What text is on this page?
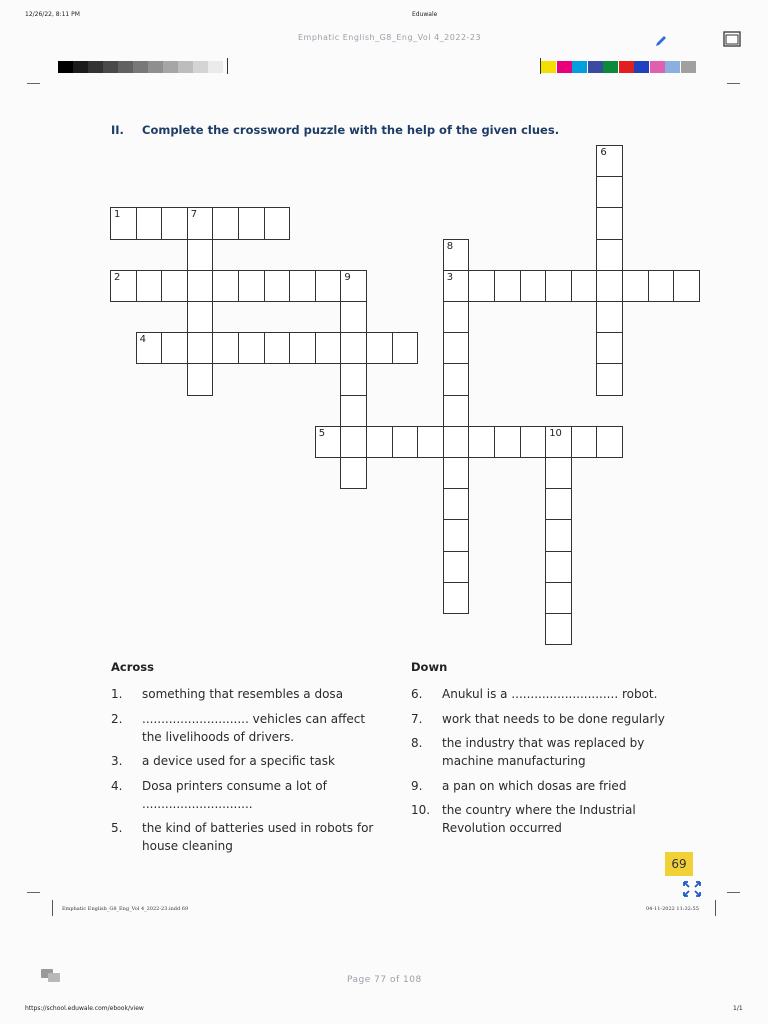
12/26/22, 8:11 PM	Eduwale
Emphatic English_G8_Eng_Vol 4_2022-23
II. Complete the crossword puzzle with the help of the given clues.
1	7
2	9
4
8
3
6
5	10
Across	Down
1. something that resembles a dosa
2. ............................ vehicles can affect
the livelihoods of drivers.
3. a device used for a specific task
4. Dosa printers consume a lot of
.............................
5. the kind of batteries used in robots for
house cleaning
6. Anukul is a ............................ robot.
7. work that needs to be done regularly
8. the industry that was replaced by
machine manufacturing
9. a pan on which dosas are fried
10. the country where the Industrial
Revolution occurred
69
Emphatic English_G8_Eng_Vol 4_2022-23.indd 69	04-11-2022 11:32:55
Page 77 of 108
https://school.eduwale.com/ebook/view	1/1
